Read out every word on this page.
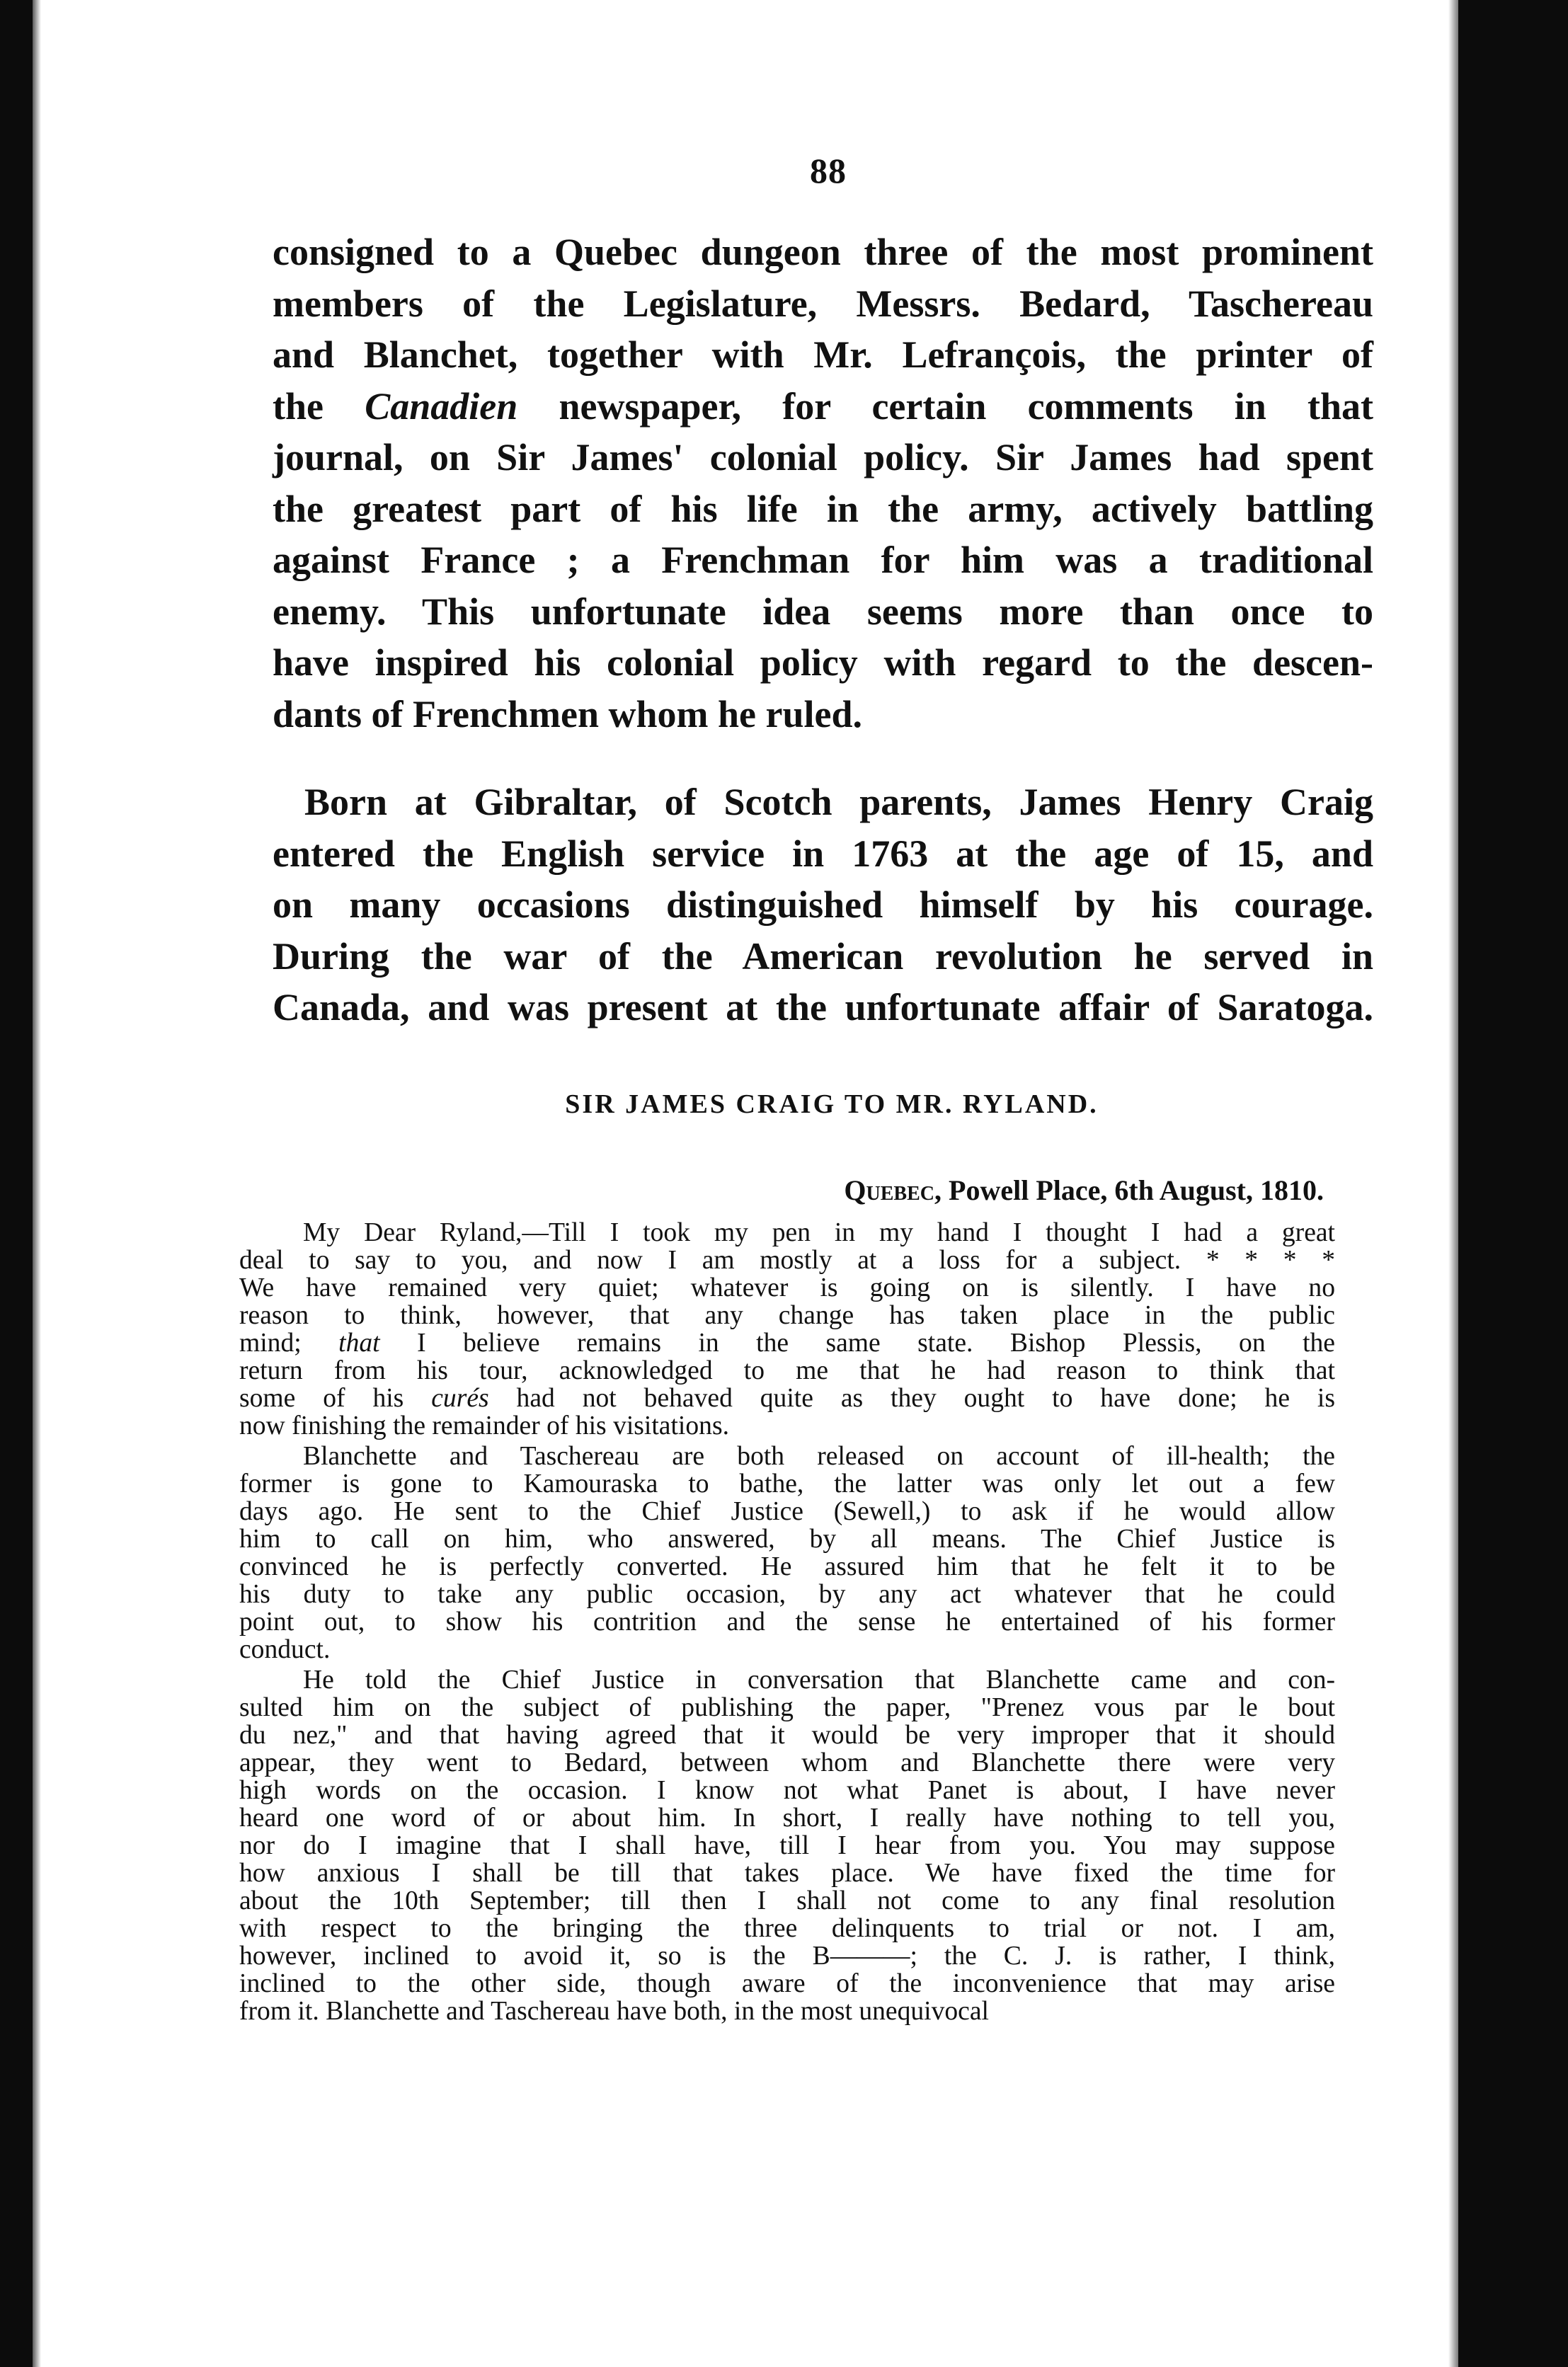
88

consigned to a Quebec dungeon three of the most prominent
members of the Legislature, Messrs. Bedard, Taschereau
and Blanchet, together with Mr. Lefrançois, the printer of
the Canadien newspaper, for certain comments in that
journal, on Sir James' colonial policy. Sir James had spent
the greatest part of his life in the army, actively battling
against France ; a Frenchman for him was a traditional
enemy. This unfortunate idea seems more than once to
have inspired his colonial policy with regard to the descen-
dants of Frenchmen whom he ruled.

Born at Gibraltar, of Scotch parents, James Henry Craig
entered the English service in 1763 at the age of 15, and
on many occasions distinguished himself by his courage.
During the war of the American revolution he served in
Canada, and was present at the unfortunate affair of Saratoga.

SIR JAMES CRAIG TO MR. RYLAND.
Quebec, Powell Place, 6th August, 1810.
My Dear Ryland,—Till I took my pen in my hand I thought I had a great
deal to say to you, and now I am mostly at a loss for a subject. * * * *
We have remained very quiet; whatever is going on is silently. I have no
reason to think, however, that any change has taken place in the public
mind; that I believe remains in the same state. Bishop Plessis, on the
return from his tour, acknowledged to me that he had reason to think that
some of his curés had not behaved quite as they ought to have done; he is
now finishing the remainder of his visitations.
Blanchette and Taschereau are both released on account of ill-health; the
former is gone to Kamouraska to bathe, the latter was only let out a few
days ago. He sent to the Chief Justice (Sewell,) to ask if he would allow
him to call on him, who answered, by all means. The Chief Justice is
convinced he is perfectly converted. He assured him that he felt it to be
his duty to take any public occasion, by any act whatever that he could
point out, to show his contrition and the sense he entertained of his former
conduct.
He told the Chief Justice in conversation that Blanchette came and con-
sulted him on the subject of publishing the paper, "Prenez vous par le bout
du nez," and that having agreed that it would be very improper that it should
appear, they went to Bedard, between whom and Blanchette there were very
high words on the occasion. I know not what Panet is about, I have never
heard one word of or about him. In short, I really have nothing to tell you,
nor do I imagine that I shall have, till I hear from you. You may suppose
how anxious I shall be till that takes place. We have fixed the time for
about the 10th September; till then I shall not come to any final resolution
with respect to the bringing the three delinquents to trial or not. I am,
however, inclined to avoid it, so is the B———; the C. J. is rather, I think,
inclined to the other side, though aware of the inconvenience that may arise
from it. Blanchette and Taschereau have both, in the most unequivocal
